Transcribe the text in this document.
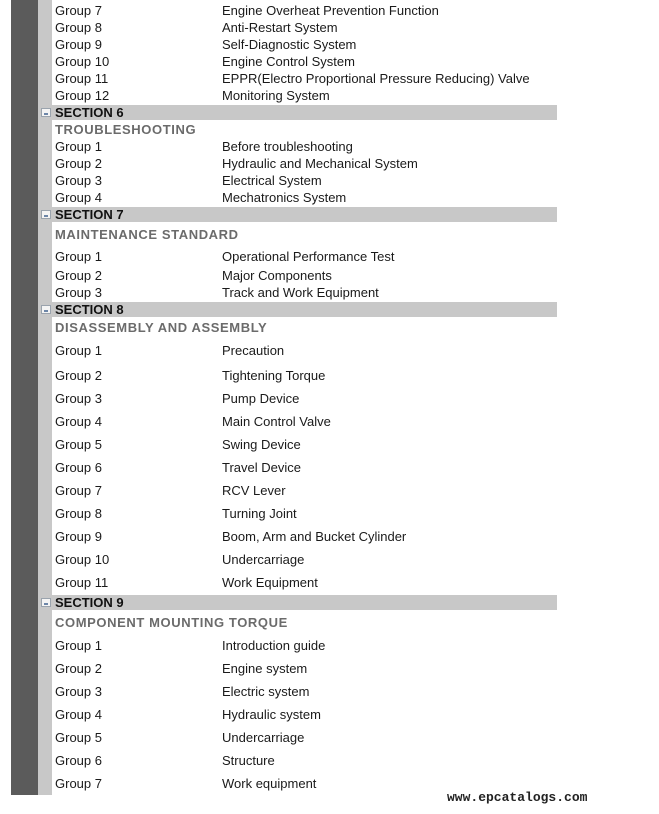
Group 7	Engine Overheat Prevention Function
Group 8	Anti-Restart System
Group 9	Self-Diagnostic System
Group 10	Engine Control System
Group 11	EPPR(Electro Proportional Pressure Reducing) Valve
Group 12	Monitoring System
SECTION 6
TROUBLESHOOTING
Group 1	Before troubleshooting
Group 2	Hydraulic and Mechanical System
Group 3	Electrical System
Group 4	Mechatronics System
SECTION 7
MAINTENANCE STANDARD
Group 1	Operational Performance Test
Group 2	Major Components
Group 3	Track and Work Equipment
SECTION 8
DISASSEMBLY AND ASSEMBLY
Group 1	Precaution
Group 2	Tightening Torque
Group 3	Pump Device
Group 4	Main Control Valve
Group 5	Swing Device
Group 6	Travel Device
Group 7	RCV Lever
Group 8	Turning Joint
Group 9	Boom, Arm and Bucket Cylinder
Group 10	Undercarriage
Group 11	Work Equipment
SECTION 9
COMPONENT MOUNTING TORQUE
Group 1	Introduction guide
Group 2	Engine system
Group 3	Electric system
Group 4	Hydraulic system
Group 5	Undercarriage
Group 6	Structure
Group 7	Work equipment
www.epcatalogs.com
